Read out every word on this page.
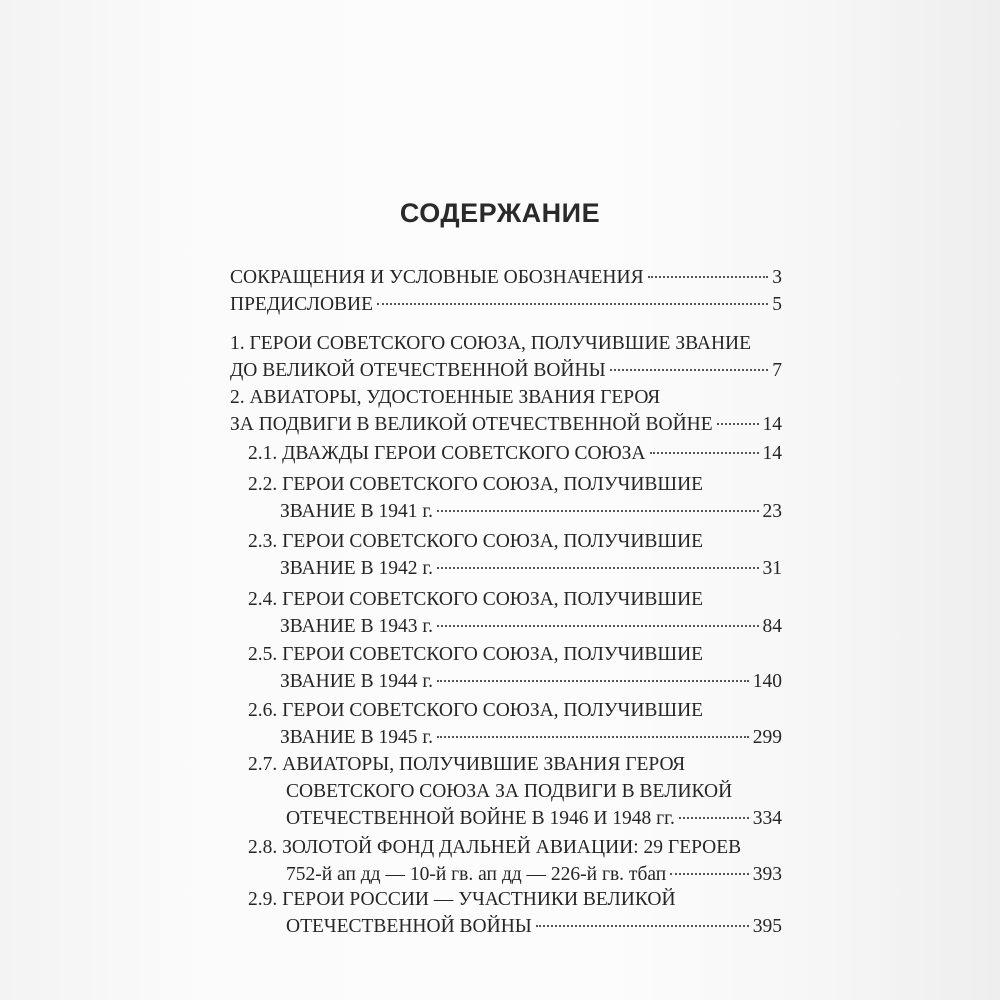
СОДЕРЖАНИЕ
СОКРАЩЕНИЯ И УСЛОВНЫЕ ОБОЗНАЧЕНИЯ	3
ПРЕДИСЛОВИЕ	5
1. ГЕРОИ СОВЕТСКОГО СОЮЗА, ПОЛУЧИВШИЕ ЗВАНИЕ
ДО ВЕЛИКОЙ ОТЕЧЕСТВЕННОЙ ВОЙНЫ	7
2. АВИАТОРЫ, УДОСТОЕННЫЕ ЗВАНИЯ ГЕРОЯ
ЗА ПОДВИГИ В ВЕЛИКОЙ ОТЕЧЕСТВЕННОЙ ВОЙНЕ	14
2.1. ДВАЖДЫ ГЕРОИ СОВЕТСКОГО СОЮЗА	14
2.2. ГЕРОИ СОВЕТСКОГО СОЮЗА, ПОЛУЧИВШИЕ
ЗВАНИЕ В 1941 г.	23
2.3. ГЕРОИ СОВЕТСКОГО СОЮЗА, ПОЛУЧИВШИЕ
ЗВАНИЕ В 1942 г.	31
2.4. ГЕРОИ СОВЕТСКОГО СОЮЗА, ПОЛУЧИВШИЕ
ЗВАНИЕ В 1943 г.	84
2.5. ГЕРОИ СОВЕТСКОГО СОЮЗА, ПОЛУЧИВШИЕ
ЗВАНИЕ В 1944 г.	140
2.6. ГЕРОИ СОВЕТСКОГО СОЮЗА, ПОЛУЧИВШИЕ
ЗВАНИЕ В 1945 г.	299
2.7. АВИАТОРЫ, ПОЛУЧИВШИЕ ЗВАНИЯ ГЕРОЯ
СОВЕТСКОГО СОЮЗА ЗА ПОДВИГИ В ВЕЛИКОЙ
ОТЕЧЕСТВЕННОЙ ВОЙНЕ В 1946 И 1948 гг.	334
2.8. ЗОЛОТОЙ ФОНД ДАЛЬНЕЙ АВИАЦИИ: 29 ГЕРОЕВ
752-й ап дд — 10-й гв. ап дд — 226-й гв. тбап	393
2.9. ГЕРОИ РОССИИ — УЧАСТНИКИ ВЕЛИКОЙ
ОТЕЧЕСТВЕННОЙ ВОЙНЫ	395
